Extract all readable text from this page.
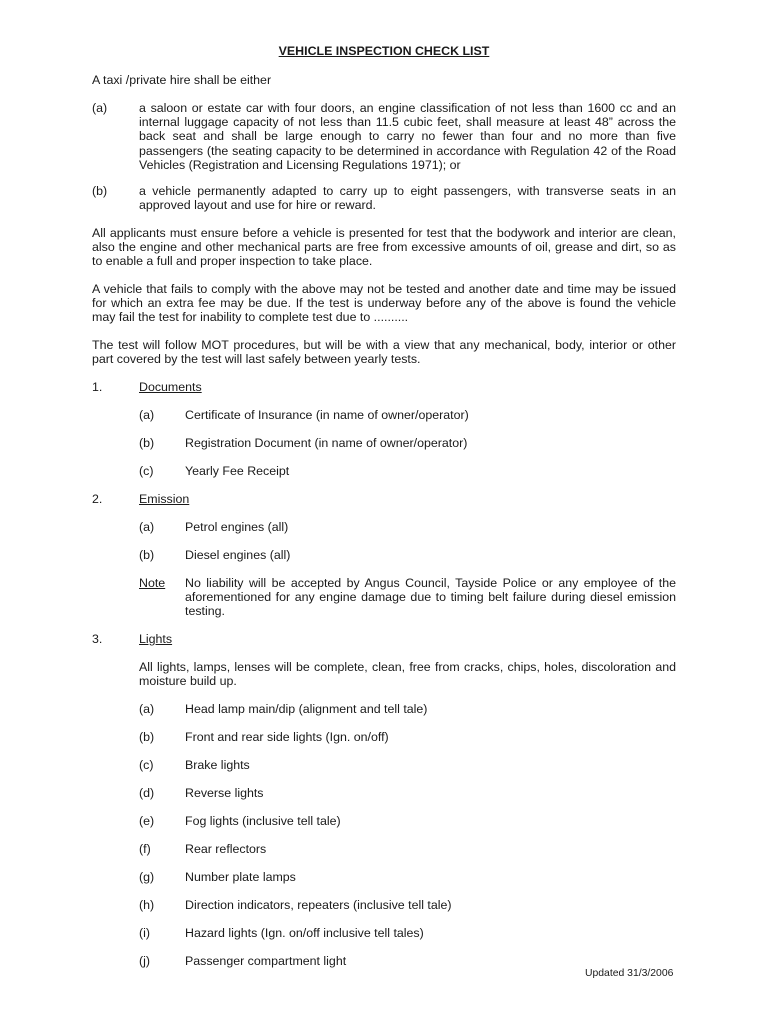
VEHICLE INSPECTION CHECK LIST
A taxi /private hire shall be either
(a)	a saloon or estate car with four doors, an engine classification of not less than 1600 cc and an internal luggage capacity of not less than 11.5 cubic feet, shall measure at least 48” across the back seat and shall be large enough to carry no fewer than four and no more than five passengers (the seating capacity to be determined in accordance with Regulation 42 of the Road Vehicles (Registration and Licensing Regulations 1971); or
(b)	a vehicle permanently adapted to carry up to eight passengers, with transverse seats in an approved layout and use for hire or reward.
All applicants must ensure before a vehicle is presented for test that the bodywork and interior are clean, also the engine and other mechanical parts are free from excessive amounts of oil, grease and dirt, so as to enable a full and proper inspection to take place.
A vehicle that fails to comply with the above may not be tested and another date and time may be issued for which an extra fee may be due. If the test is underway before any of the above is found the vehicle may fail the test for inability to complete test due to ..........
The test will follow MOT procedures, but will be with a view that any mechanical, body, interior or other part covered by the test will last safely between yearly tests.
1.	Documents
(a) Certificate of Insurance (in name of owner/operator)
(b) Registration Document (in name of owner/operator)
(c)	Yearly Fee Receipt
2.	Emission
(a) Petrol engines (all)
(b) Diesel engines (all)
Note No liability will be accepted by Angus Council, Tayside Police or any employee of the aforementioned for any engine damage due to timing belt failure during diesel emission testing.
3.	Lights
All lights, lamps, lenses will be complete, clean, free from cracks, chips, holes, discoloration and moisture build up.
(a) Head lamp main/dip (alignment and tell tale)
(b) Front and rear side lights (Ign. on/off)
(c)	Brake lights
(d) Reverse lights
(e) Fog lights (inclusive tell tale)
(f)	Rear reflectors
(g) Number plate lamps
(h) Direction indicators, repeaters (inclusive tell tale)
(i)	Hazard lights (Ign. on/off inclusive tell tales)
(j)	Passenger compartment light
Updated 31/3/2006
